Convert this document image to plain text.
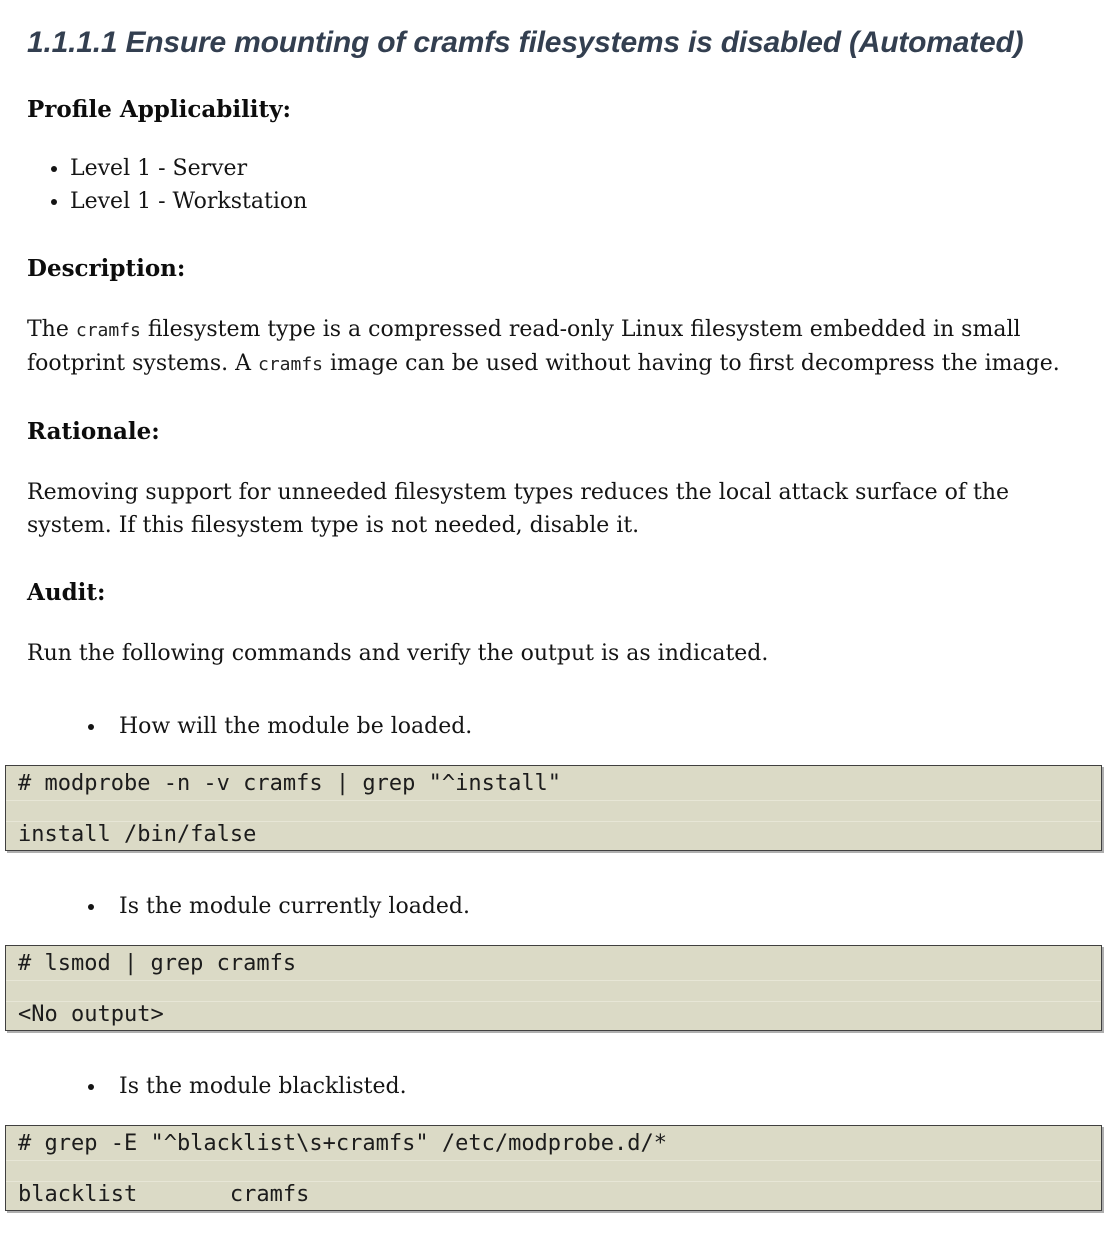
1.1.1.1 Ensure mounting of cramfs filesystems is disabled (Automated)
Profile Applicability:
• Level 1 - Server
• Level 1 - Workstation
Description:

The cramfs filesystem type is a compressed read-only Linux filesystem embedded in small footprint systems. A cramfs image can be used without having to first decompress the image.

Rationale:

Removing support for unneeded filesystem types reduces the local attack surface of the system. If this filesystem type is not needed, disable it.

Audit:

Run the following commands and verify the output is as indicated.

• How will the module be loaded.
# modprobe -n -v cramfs | grep "^install"
install /bin/false
• Is the module currently loaded.
# lsmod | grep cramfs
<No output>
• Is the module blacklisted.
# grep -E "^blacklist\s+cramfs" /etc/modprobe.d/*
blacklist       cramfs
